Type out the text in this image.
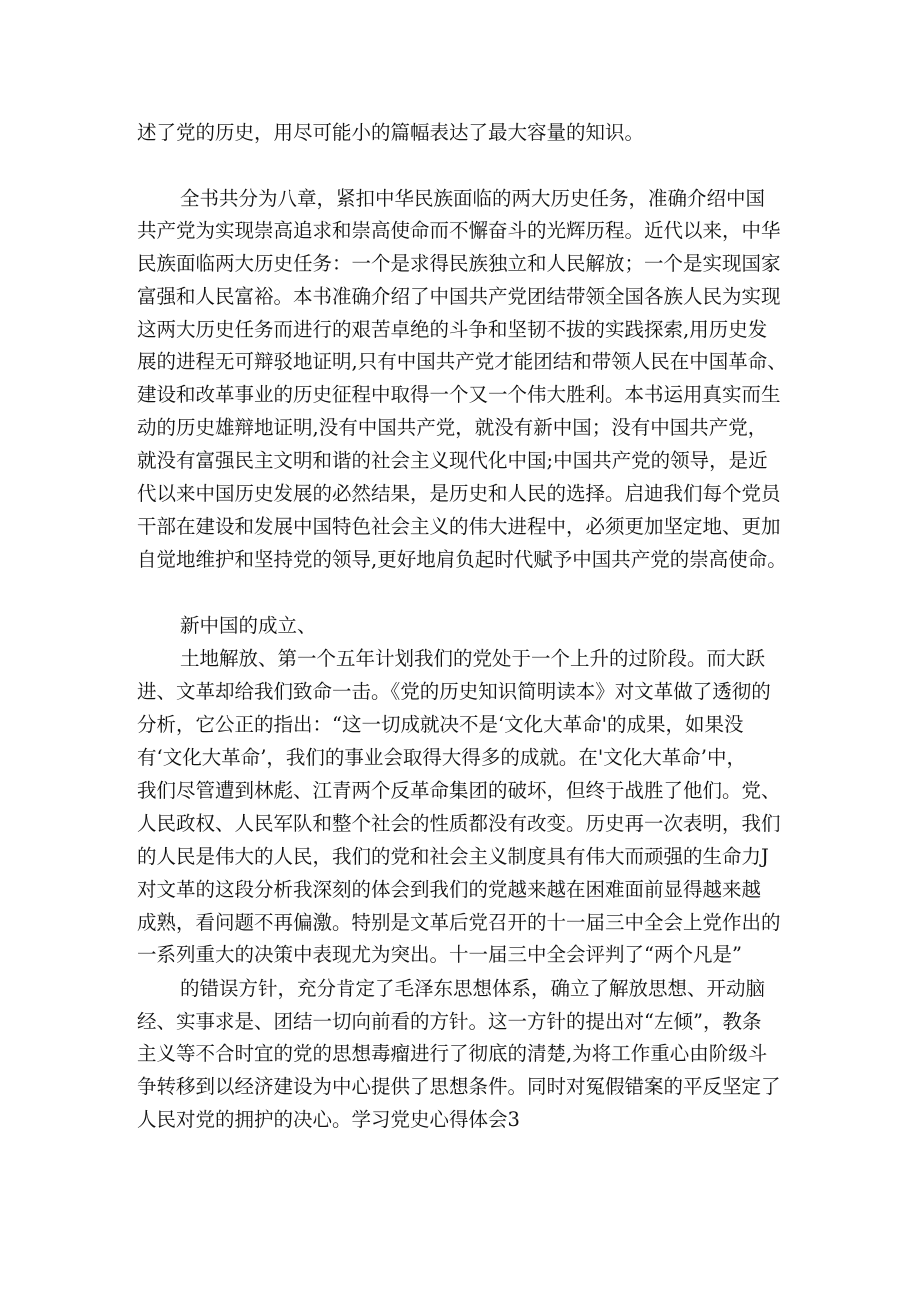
述了党的历史，用尽可能小的篇幅表达了最大容量的知识。
全书共分为八章，紧扣中华民族面临的两大历史任务，准确介绍中国
共产党为实现崇高追求和崇高使命而不懈奋斗的光辉历程。近代以来，中华
民族面临两大历史任务：一个是求得民族独立和人民解放；一个是实现国家
富强和人民富裕。本书准确介绍了中国共产党团结带领全国各族人民为实现
这两大历史任务而进行的艰苦卓绝的斗争和坚韧不拔的实践探索,用历史发
展的进程无可辩驳地证明,只有中国共产党才能团结和带领人民在中国革命、
建设和改革事业的历史征程中取得一个又一个伟大胜利。本书运用真实而生
动的历史雄辩地证明,没有中国共产党，就没有新中国；没有中国共产党，
就没有富强民主文明和谐的社会主义现代化中国;中国共产党的领导，是近
代以来中国历史发展的必然结果，是历史和人民的选择。启迪我们每个党员
干部在建设和发展中国特色社会主义的伟大进程中，必须更加坚定地、更加
自觉地维护和坚持党的领导,更好地肩负起时代赋予中国共产党的崇高使命。
新中国的成立、
土地解放、第一个五年计划我们的党处于一个上升的过阶段。而大跃
进、文革却给我们致命一击。《党的历史知识简明读本》对文革做了透彻的
分析，它公正的指出：“这一切成就决不是‘文化大革命'的成果，如果没
有‘文化大革命’，我们的事业会取得大得多的成就。在'文化大革命’中，
我们尽管遭到林彪、江青两个反革命集团的破坏，但终于战胜了他们。党、
人民政权、人民军队和整个社会的性质都没有改变。历史再一次表明，我们
的人民是伟大的人民，我们的党和社会主义制度具有伟大而顽强的生命力J
对文革的这段分析我深刻的体会到我们的党越来越在困难面前显得越来越
成熟，看问题不再偏激。特别是文革后党召开的十一届三中全会上党作出的
一系列重大的决策中表现尤为突出。十一届三中全会评判了“两个凡是”
的错误方针，充分肯定了毛泽东思想体系，确立了解放思想、开动脑
经、实事求是、团结一切向前看的方针。这一方针的提出对“左倾”，教条
主义等不合时宜的党的思想毒瘤进行了彻底的清楚,为将工作重心由阶级斗
争转移到以经济建设为中心提供了思想条件。同时对冤假错案的平反坚定了
人民对党的拥护的决心。学习党史心得体会3
